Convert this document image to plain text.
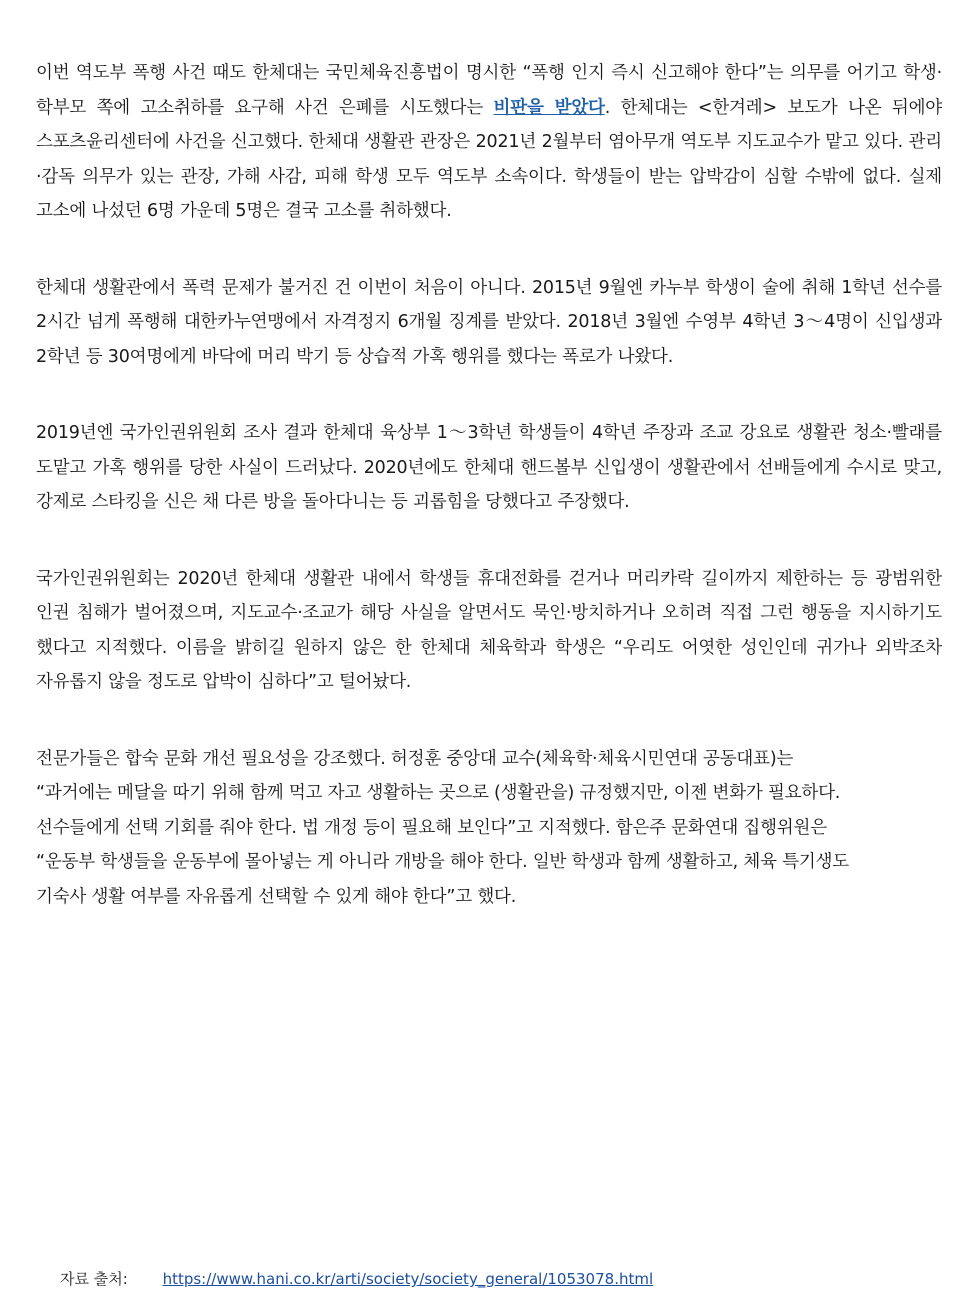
이번 역도부 폭행 사건 때도 한체대는 국민체육진흥법이 명시한 “폭행 인지 즉시 신고해야 한다”는 의무를 어기고 학생·학부모 쪽에 고소취하를 요구해 사건 은폐를 시도했다는 비판을 받았다. 한체대는 <한겨레> 보도가 나온 뒤에야 스포츠윤리센터에 사건을 신고했다. 한체대 생활관 관장은 2021년 2월부터 염아무개 역도부 지도교수가 맡고 있다. 관리·감독 의무가 있는 관장, 가해 사감, 피해 학생 모두 역도부 소속이다. 학생들이 받는 압박감이 심할 수밖에 없다. 실제 고소에 나섰던 6명 가운데 5명은 결국 고소를 취하했다.

한체대 생활관에서 폭력 문제가 불거진 건 이번이 처음이 아니다. 2015년 9월엔 카누부 학생이 술에 취해 1학년 선수를 2시간 넘게 폭행해 대한카누연맹에서 자격정지 6개월 징계를 받았다. 2018년 3월엔 수영부 4학년 3～4명이 신입생과 2학년 등 30여명에게 바닥에 머리 박기 등 상습적 가혹 행위를 했다는 폭로가 나왔다.

2019년엔 국가인권위원회 조사 결과 한체대 육상부 1～3학년 학생들이 4학년 주장과 조교 강요로 생활관 청소·빨래를 도맡고 가혹 행위를 당한 사실이 드러났다. 2020년에도 한체대 핸드볼부 신입생이 생활관에서 선배들에게 수시로 맞고, 강제로 스타킹을 신은 채 다른 방을 돌아다니는 등 괴롭힘을 당했다고 주장했다.

국가인권위원회는 2020년 한체대 생활관 내에서 학생들 휴대전화를 걷거나 머리카락 길이까지 제한하는 등 광범위한 인권 침해가 벌어졌으며, 지도교수·조교가 해당 사실을 알면서도 묵인·방치하거나 오히려 직접 그런 행동을 지시하기도 했다고 지적했다. 이름을 밝히길 원하지 않은 한 한체대 체육학과 학생은 “우리도 어엿한 성인인데 귀가나 외박조차 자유롭지 않을 정도로 압박이 심하다”고 털어놨다.

전문가들은 합숙 문화 개선 필요성을 강조했다. 허정훈 중앙대 교수(체육학·체육시민연대 공동대표)는
“과거에는 메달을 따기 위해 함께 먹고 자고 생활하는 곳으로 (생활관을) 규정했지만, 이젠 변화가 필요하다.
선수들에게 선택 기회를 줘야 한다. 법 개정 등이 필요해 보인다”고 지적했다. 함은주 문화연대 집행위원은
“운동부 학생들을 운동부에 몰아넣는 게 아니라 개방을 해야 한다. 일반 학생과 함께 생활하고, 체육 특기생도
기숙사 생활 여부를 자유롭게 선택할 수 있게 해야 한다”고 했다.

자료 출처: https://www.hani.co.kr/arti/society/society_general/1053078.html
